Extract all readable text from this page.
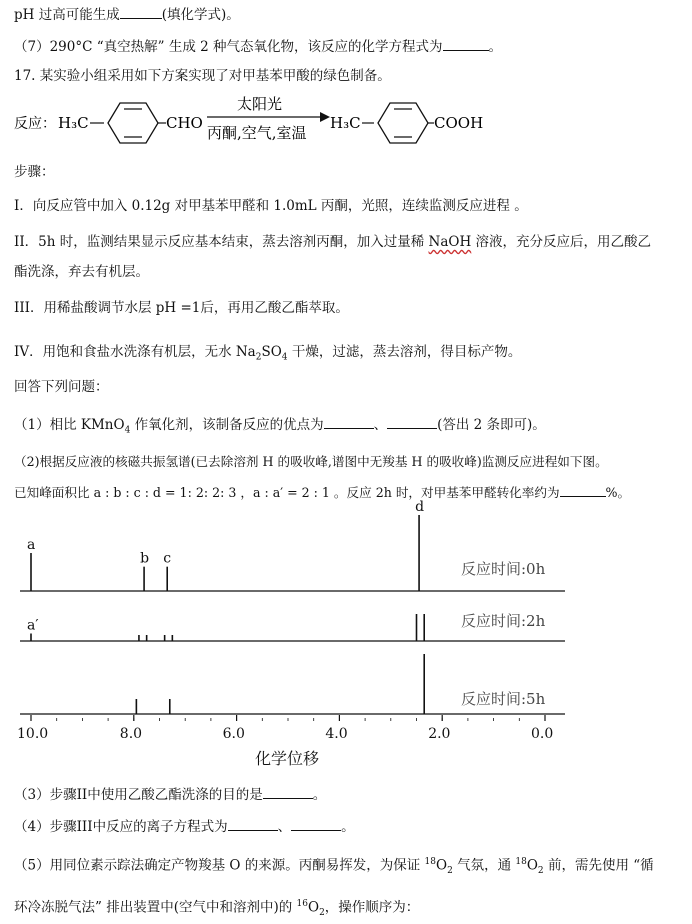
pH 过高可能生成	(填化学式)。
（7）290°C “真空热解” 生成 2 种气态氧化物，该反应的化学方程式为	。
17. 某实验小组采用如下方案实现了对甲基苯甲酸的绿色制备。
反应： H₃C	CHO
太阳光
丙酮,空气,室温
H₃C	COOH
步骤：
I．向反应管中加入 0.12g 对甲基苯甲醛和 1.0mL 丙酮，光照，连续监测反应进程 。
II．5h 时，监测结果显示反应基本结束，蒸去溶剂丙酮，加入过量稀 NaOH 溶液，充分反应后，用乙酸乙
酯洗涤，弃去有机层。
III．用稀盐酸调节水层 pH =1后，再用乙酸乙酯萃取。
IV．用饱和食盐水洗涤有机层，无水 $Na_2SO_4$ 干燥，过滤，蒸去溶剂，得目标产物。
回答下列问题：
（1）相比 KMnO$_4$ 作氧化剂，该制备反应的优点为	、	(答出 2 条即可)。
（2)根据反应液的核磁共振氢谱(已去除溶剂 H 的吸收峰,谱图中无羧基 H 的吸收峰)监测反应进程如下图。
已知峰面积比 a : b : c : d = 1: 2: 2: 3 ，a : a′ = 2 : 1 。反应 2h 时，对甲基苯甲醛转化率约为	%。
a
b c
d
反应时间:0h
a′	反应时间:2h
反应时间:5h
10.0	8.0	6.0	4.0	2.0	0.0
化学位移
（3）步骤II中使用乙酸乙酯洗涤的目的是	。
（4）步骤III中反应的离子方程式为	、	。
（5）用同位素示踪法确定产物羧基 O 的来源。丙酮易挥发，为保证 $^{18}O_2$ 气氛，通 $^{18}O_2$ 前，需先使用 “循
环冷冻脱气法” 排出装置中(空气中和溶剂中)的 $^{16}O_2$，操作顺序为：
